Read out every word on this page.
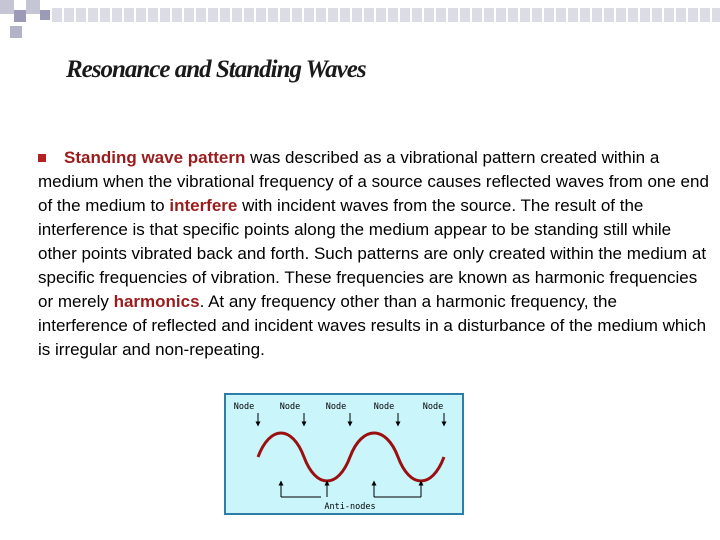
Resonance and Standing Waves
Standing wave pattern was described as a vibrational pattern created within a medium when the vibrational frequency of a source causes reflected waves from one end of the medium to interfere with incident waves from the source. The result of the interference is that specific points along the medium appear to be standing still while other points vibrated back and forth. Such patterns are only created within the medium at specific frequencies of vibration. These frequencies are known as harmonic frequencies or merely harmonics. At any frequency other than a harmonic frequency, the interference of reflected and incident waves results in a disturbance of the medium which is irregular and non-repeating.
Node	Node	Node	Node	Node
Anti-nodes
